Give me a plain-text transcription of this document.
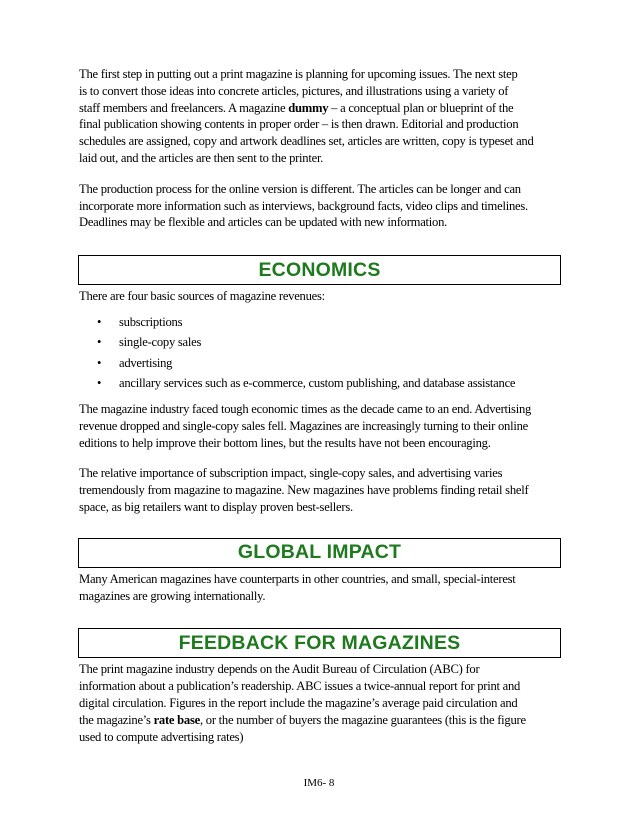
The first step in putting out a print magazine is planning for upcoming issues. The next step
is to convert those ideas into concrete articles, pictures, and illustrations using a variety of
staff members and freelancers. A magazine dummy – a conceptual plan or blueprint of the
final publication showing contents in proper order – is then drawn. Editorial and production
schedules are assigned, copy and artwork deadlines set, articles are written, copy is typeset and
laid out, and the articles are then sent to the printer.

The production process for the online version is different. The articles can be longer and can
incorporate more information such as interviews, background facts, video clips and timelines.
Deadlines may be flexible and articles can be updated with new information.

ECONOMICS

There are four basic sources of magazine revenues:

• subscriptions
• single-copy sales
• advertising
• ancillary services such as e-commerce, custom publishing, and database assistance

The magazine industry faced tough economic times as the decade came to an end. Advertising
revenue dropped and single-copy sales fell. Magazines are increasingly turning to their online
editions to help improve their bottom lines, but the results have not been encouraging.

The relative importance of subscription impact, single-copy sales, and advertising varies
tremendously from magazine to magazine. New magazines have problems finding retail shelf
space, as big retailers want to display proven best-sellers.

GLOBAL IMPACT

Many American magazines have counterparts in other countries, and small, special-interest
magazines are growing internationally.

FEEDBACK FOR MAGAZINES

The print magazine industry depends on the Audit Bureau of Circulation (ABC) for
information about a publication’s readership. ABC issues a twice-annual report for print and
digital circulation. Figures in the report include the magazine’s average paid circulation and
the magazine’s rate base, or the number of buyers the magazine guarantees (this is the figure
used to compute advertising rates)

IM6- 8
